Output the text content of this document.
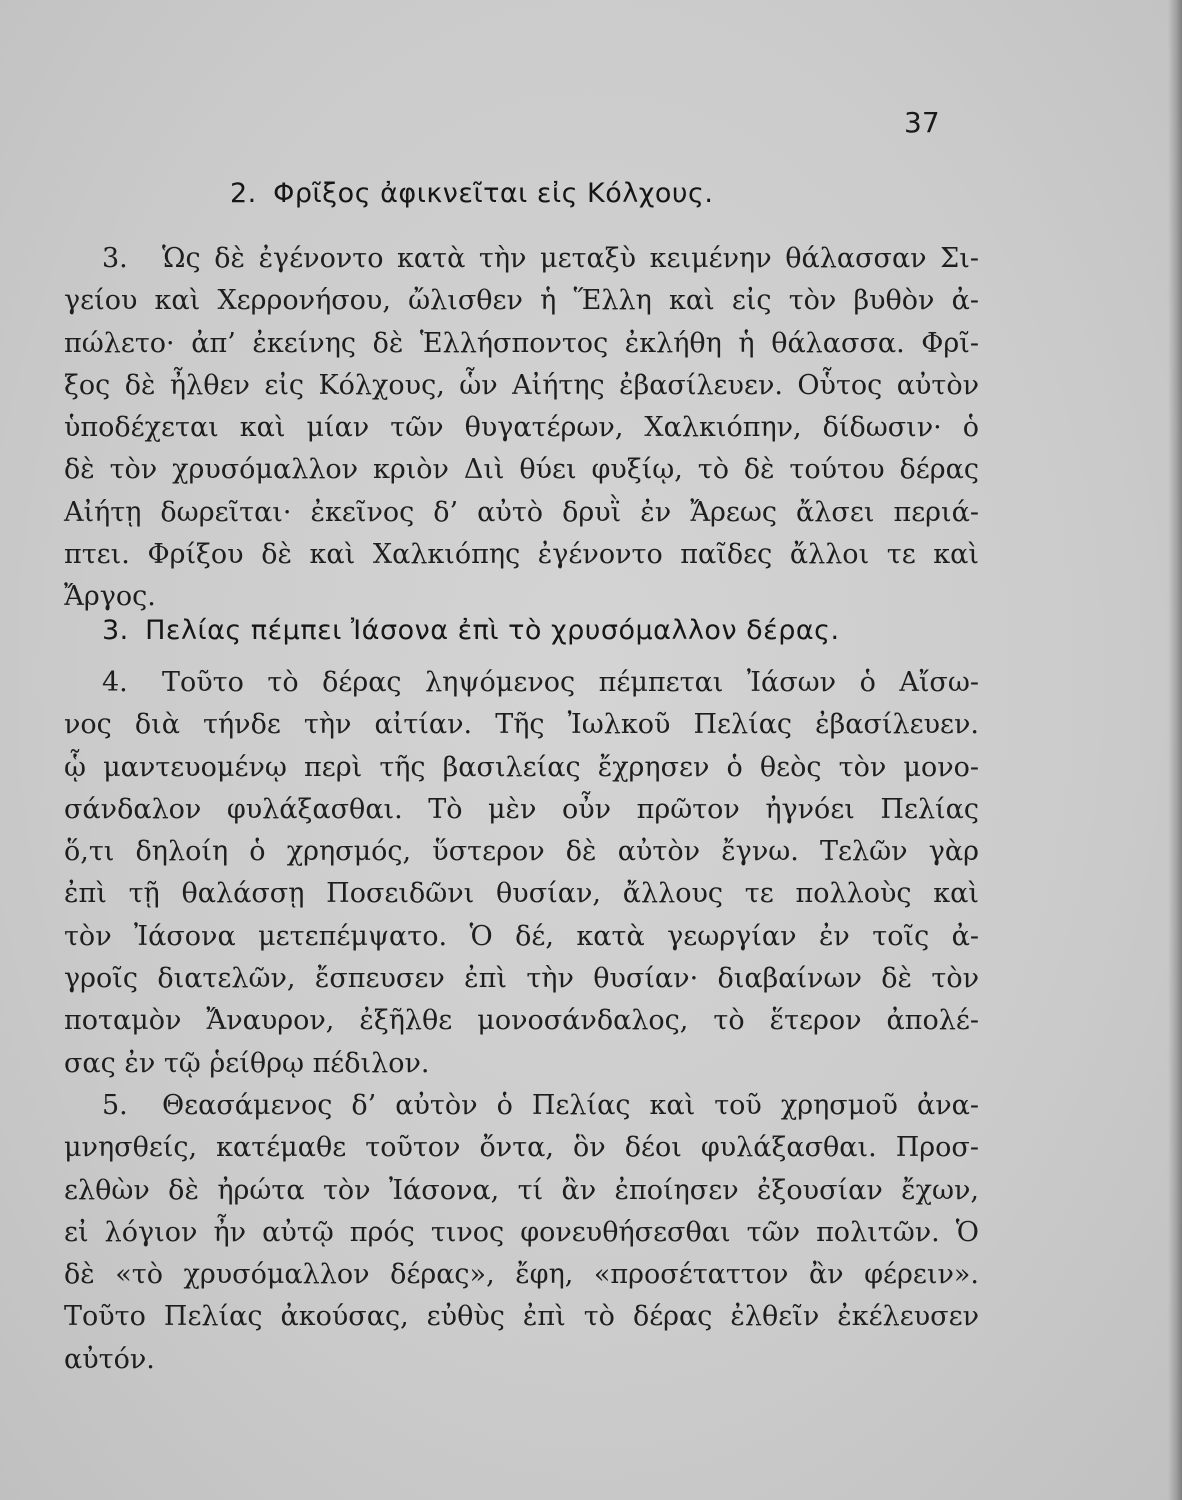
37
2. Φρῖξος ἀφικνεῖται εἰς Κόλχους.
3. Ὡς δὲ ἐγένοντο κατὰ τὴν μεταξὺ κειμένην θάλασσαν Σι-
γείου καὶ Χερρονήσου, ὤλισθεν ἡ Ἕλλη καὶ εἰς τὸν βυθὸν ἀ-
πώλετο· ἀπ’ ἐκείνης δὲ Ἑλλήσποντος ἐκλήθη ἡ θάλασσα. Φρῖ-
ξος δὲ ἦλθεν εἰς Κόλχους, ὧν Αἰήτης ἐβασίλευεν. Οὗτος αὐτὸν
ὑποδέχεται καὶ μίαν τῶν θυγατέρων, Χαλκιόπην, δίδωσιν· ὁ
δὲ τὸν χρυσόμαλλον κριὸν Διὶ θύει φυξίῳ, τὸ δὲ τούτου δέρας
Αἰήτῃ δωρεῖται· ἐκεῖνος δ’ αὐτὸ δρυῒ ἐν Ἄρεως ἄλσει περιά-
πτει. Φρίξου δὲ καὶ Χαλκιόπης ἐγένοντο παῖδες ἄλλοι τε καὶ
Ἄργος.
3. Πελίας πέμπει Ἰάσονα ἐπὶ τὸ χρυσόμαλλον δέρας.
4. Τοῦτο τὸ δέρας ληψόμενος πέμπεται Ἰάσων ὁ Αἴσω-
νος διὰ τήνδε τὴν αἰτίαν. Τῆς Ἰωλκοῦ Πελίας ἐβασίλευεν.
ᾧ μαντευομένῳ περὶ τῆς βασιλείας ἔχρησεν ὁ θεὸς τὸν μονο-
σάνδαλον φυλάξασθαι. Τὸ μὲν οὖν πρῶτον ἠγνόει Πελίας
ὅ,τι δηλοίη ὁ χρησμός, ὕστερον δὲ αὐτὸν ἔγνω. Τελῶν γὰρ
ἐπὶ τῇ θαλάσσῃ Ποσειδῶνι θυσίαν, ἄλλους τε πολλοὺς καὶ
τὸν Ἰάσονα μετεπέμψατο. Ὁ δέ, κατὰ γεωργίαν ἐν τοῖς ἀ-
γροῖς διατελῶν, ἔσπευσεν ἐπὶ τὴν θυσίαν· διαβαίνων δὲ τὸν
ποταμὸν Ἄναυρον, ἐξῆλθε μονοσάνδαλος, τὸ ἕτερον ἀπολέ-
σας ἐν τῷ ῥείθρῳ πέδιλον.
5. Θεασάμενος δ’ αὐτὸν ὁ Πελίας καὶ τοῦ χρησμοῦ ἀνα-
μνησθείς, κατέμαθε τοῦτον ὄντα, ὃν δέοι φυλάξασθαι. Προσ-
ελθὼν δὲ ἠρώτα τὸν Ἰάσονα, τί ἂν ἐποίησεν ἐξουσίαν ἔχων,
εἰ λόγιον ἦν αὐτῷ πρός τινος φονευθήσεσθαι τῶν πολιτῶν. Ὁ
δὲ «τὸ χρυσόμαλλον δέρας», ἔφη, «προσέταττον ἂν φέρειν».
Τοῦτο Πελίας ἀκούσας, εὐθὺς ἐπὶ τὸ δέρας ἐλθεῖν ἐκέλευσεν
αὐτόν.
